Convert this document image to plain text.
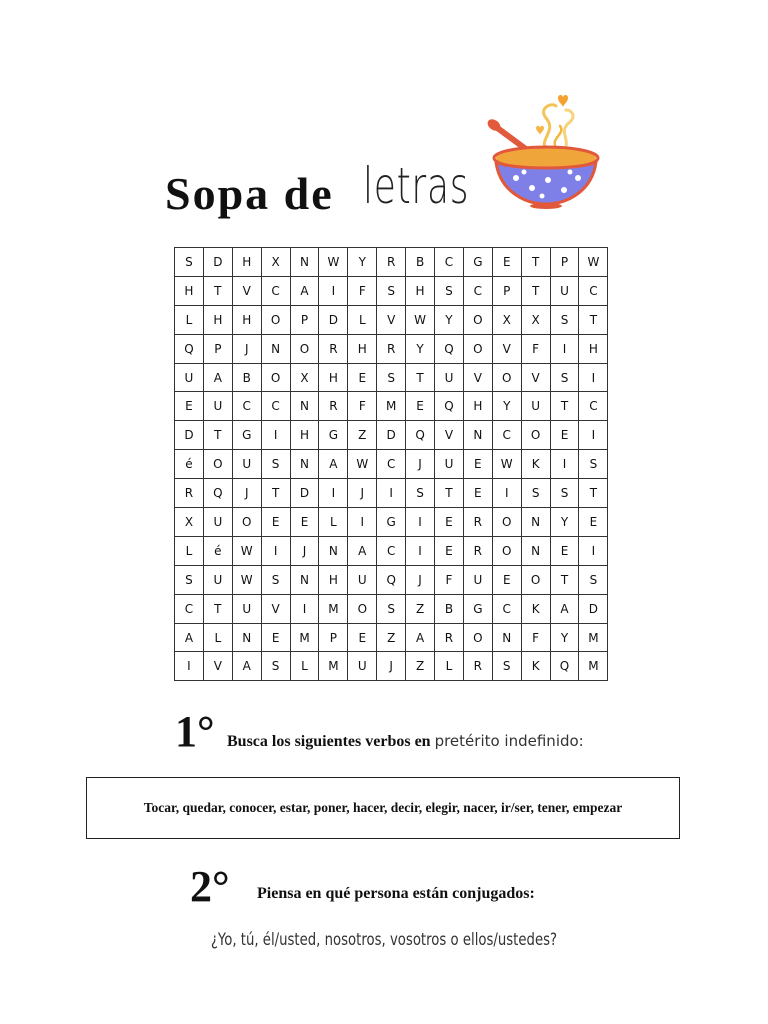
Sopa de letras
S	D	H	X	N	W	Y	R	B	C	G	E	T	P	W
H	T	V	C	A	I	F	S	H	S	C	P	T	U	C
L	H	H	O	P	D	L	V	W	Y	O	X	X	S	T
Q	P	J	N	O	R	H	R	Y	Q	O	V	F	I	H
U	A	B	O	X	H	E	S	T	U	V	O	V	S	I
E	U	C	C	N	R	F	M	E	Q	H	Y	U	T	C
D	T	G	I	H	G	Z	D	Q	V	N	C	O	E	I
é	O	U	S	N	A	W	C	J	U	E	W	K	I	S
R	Q	J	T	D	I	J	I	S	T	E	I	S	S	T
X	U	O	E	E	L	I	G	I	E	R	O	N	Y	E
L	é	W	I	J	N	A	C	I	E	R	O	N	E	I
S	U	W	S	N	H	U	Q	J	F	U	E	O	T	S
C	T	U	V	I	M	O	S	Z	B	G	C	K	A	D
A	L	N	E	M	P	E	Z	A	R	O	N	F	Y	M
I	V	A	S	L	M	U	J	Z	L	R	S	K	Q	M
1° Busca los siguientes verbos en pretérito indefinido:
Tocar, quedar, conocer, estar, poner, hacer, decir, elegir, nacer, ir/ser, tener, empezar
2° Piensa en qué persona están conjugados:
¿Yo, tú, él/usted, nosotros, vosotros o ellos/ustedes?
